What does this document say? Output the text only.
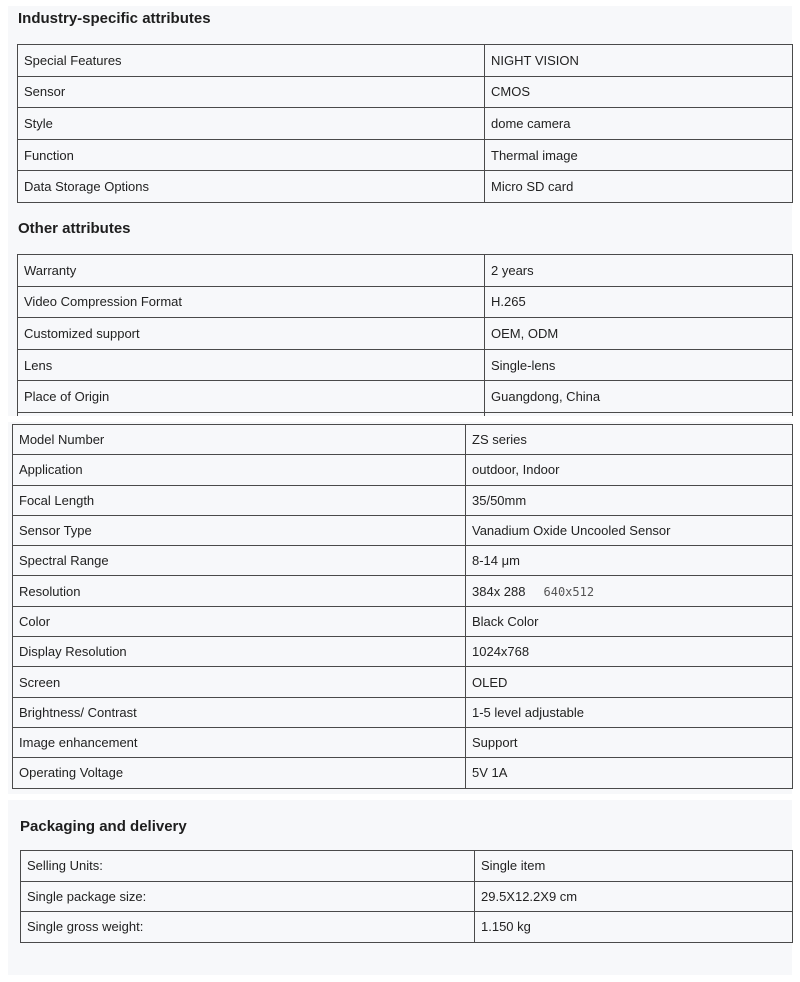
Industry-specific attributes
Special Features	NIGHT VISION
Sensor	CMOS
Style	dome camera
Function	Thermal image
Data Storage Options	Micro SD card
Other attributes
Warranty	2 years
Video Compression Format	H.265
Customized support	OEM, ODM
Lens	Single-lens
Place of Origin	Guangdong, China

Model Number	ZS series
Application	outdoor, Indoor
Focal Length	35/50mm
Sensor Type	Vanadium Oxide Uncooled Sensor
Spectral Range	8-14 μm
Resolution	384x 288 640x512
Color	Black Color
Display Resolution	1024x768
Screen	OLED
Brightness/ Contrast	1-5 level adjustable
Image enhancement	Support
Operating Voltage	5V 1A
Packaging and delivery
Selling Units:	Single item
Single package size:	29.5X12.2X9 cm
Single gross weight:	1.150 kg
